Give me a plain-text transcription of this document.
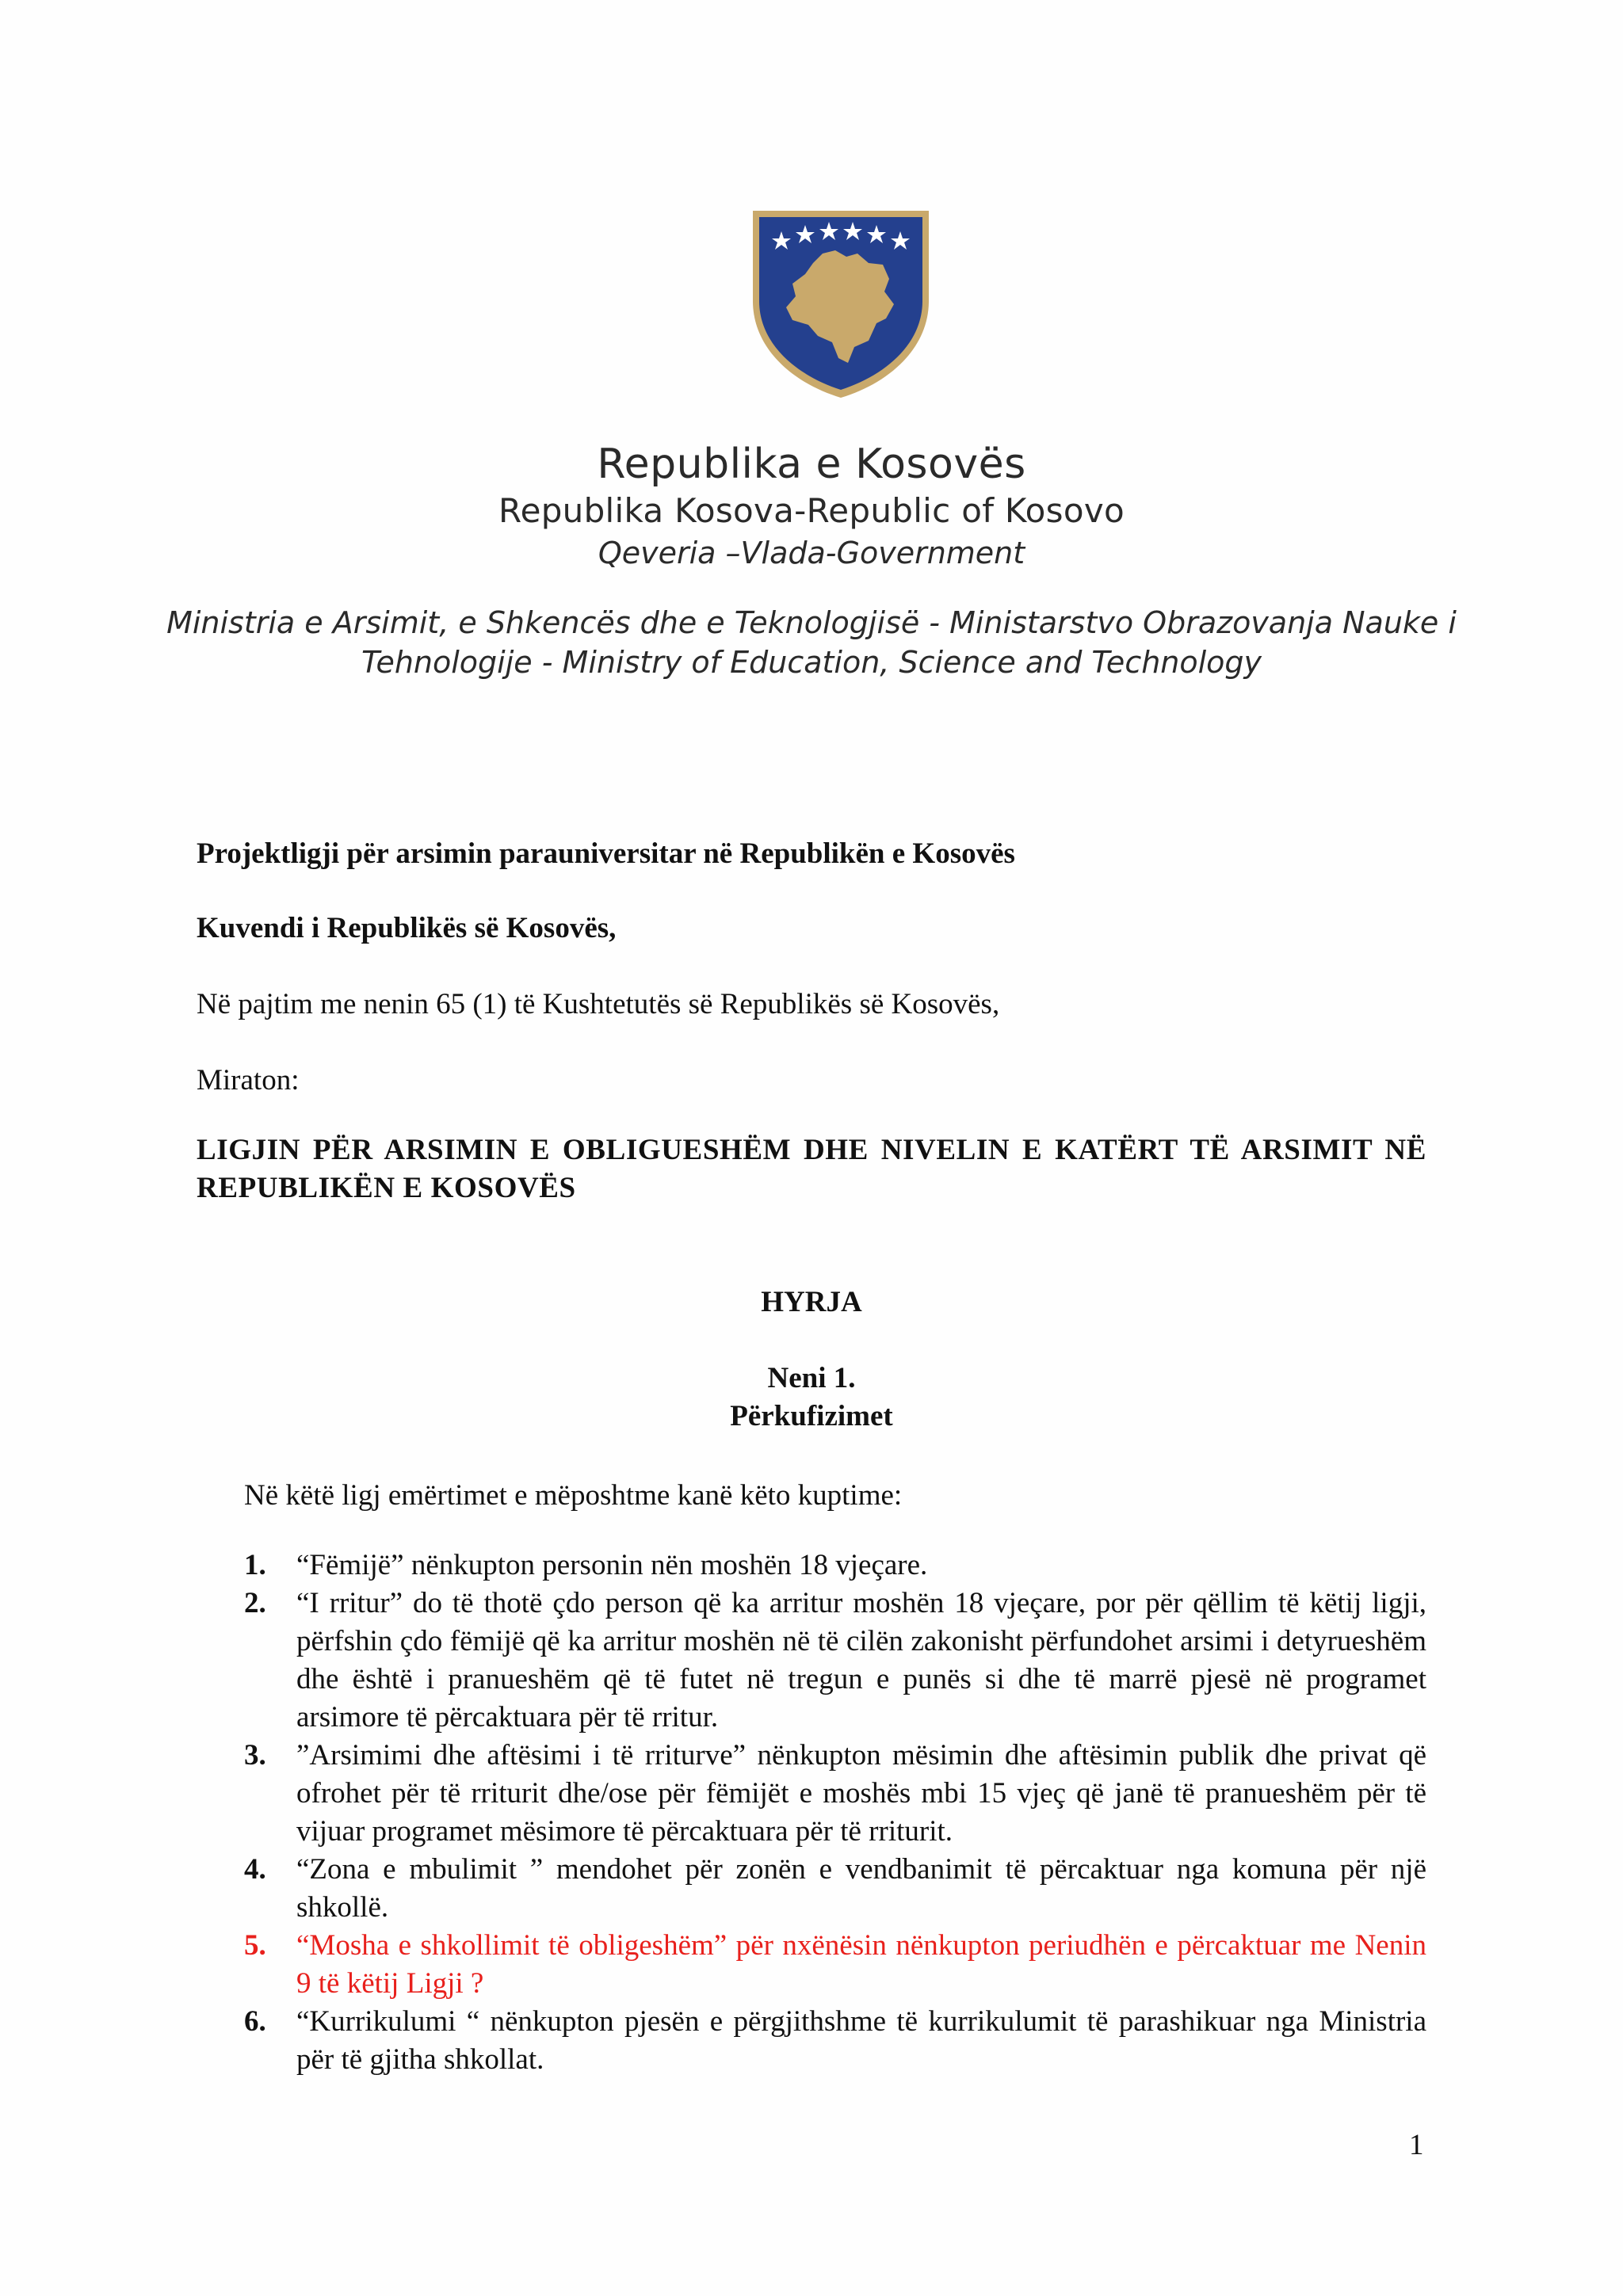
Republika e Kosovës
Republika Kosova-Republic of Kosovo
Qeveria –Vlada-Government
Ministria e Arsimit, e Shkencës dhe e Teknologjisë - Ministarstvo Obrazovanja Nauke i
Tehnologije - Ministry of Education, Science and Technology
Projektligji për arsimin parauniversitar në Republikën e Kosovës
Kuvendi i Republikës së Kosovës,
Në pajtim me nenin 65 (1) të Kushtetutës së Republikës së Kosovës,
Miraton:
LIGJIN PËR ARSIMIN E OBLIGUESHËM DHE NIVELIN E KATËRT TË ARSIMIT NË REPUBLIKËN E KOSOVËS
HYRJA
Neni 1.
Përkufizimet
Në këtë ligj emërtimet e mëposhtme kanë këto kuptime:
1. “Fëmijë” nënkupton personin nën moshën 18 vjeçare.
2. “I rritur” do të thotë çdo person që ka arritur moshën 18 vjeçare, por për qëllim të këtij ligji, përfshin çdo fëmijë që ka arritur moshën në të cilën zakonisht përfundohet arsimi i detyrueshëm dhe është i pranueshëm që të futet në tregun e punës si dhe të marrë pjesë në programet arsimore të përcaktuara për të rritur.
3. ”Arsimimi dhe aftësimi i të rriturve” nënkupton mësimin dhe aftësimin publik dhe privat që ofrohet për të rriturit dhe/ose për fëmijët e moshës mbi 15 vjeç që janë të pranueshëm për të vijuar programet mësimore të përcaktuara për të rriturit.
4. “Zona e mbulimit ” mendohet për zonën e vendbanimit të përcaktuar nga komuna për një shkollë.
5. “Mosha e shkollimit të obligeshëm” për nxënësin nënkupton periudhën e përcaktuar me Nenin 9 të këtij Ligji ?
6. “Kurrikulumi “ nënkupton pjesën e përgjithshme të kurrikulumit të parashikuar nga Ministria për të gjitha shkollat.
1
